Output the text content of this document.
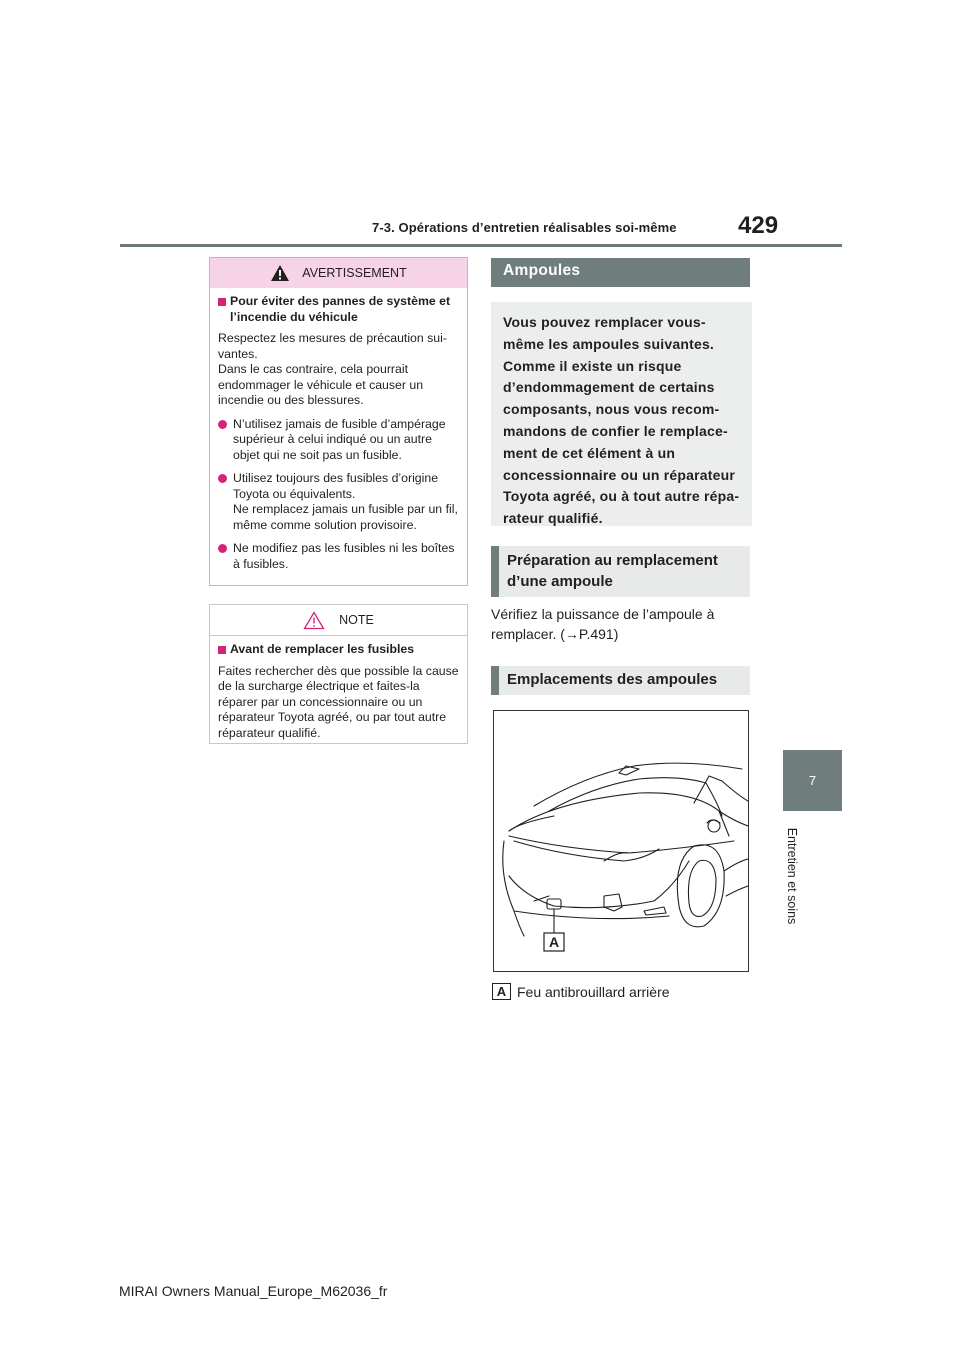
7-3. Opérations d’entretien réalisables soi-même	429
7
Entretien et soins
AVERTISSEMENT
Pour éviter des pannes de système et l’incendie du véhicule
Respectez les mesures de précaution sui-vantes.
Dans le cas contraire, cela pourrait endommager le véhicule et causer un incendie ou des blessures.
N’utilisez jamais de fusible d’ampérage supérieur à celui indiqué ou un autre objet qui ne soit pas un fusible.
Utilisez toujours des fusibles d’origine Toyota ou équivalents.
Ne remplacez jamais un fusible par un fil, même comme solution provisoire.
Ne modifiez pas les fusibles ni les boîtes à fusibles.
NOTE
Avant de remplacer les fusibles
Faites rechercher dès que possible la cause de la surcharge électrique et faites-la réparer par un concessionnaire ou un réparateur Toyota agréé, ou par tout autre réparateur qualifié.
Ampoules
Vous pouvez remplacer vous-même les ampoules suivantes. Comme il existe un risque d’endommagement de certains composants, nous vous recom-mandons de confier le remplace-ment de cet élément à un concessionnaire ou un réparateur Toyota agréé, ou à tout autre répa-rateur qualifié.
Préparation au remplacement d’une ampoule
Vérifiez la puissance de l’ampoule à remplacer. (→P.491)
Emplacements des ampoules
A
A Feu antibrouillard arrière
MIRAI Owners Manual_Europe_M62036_fr
